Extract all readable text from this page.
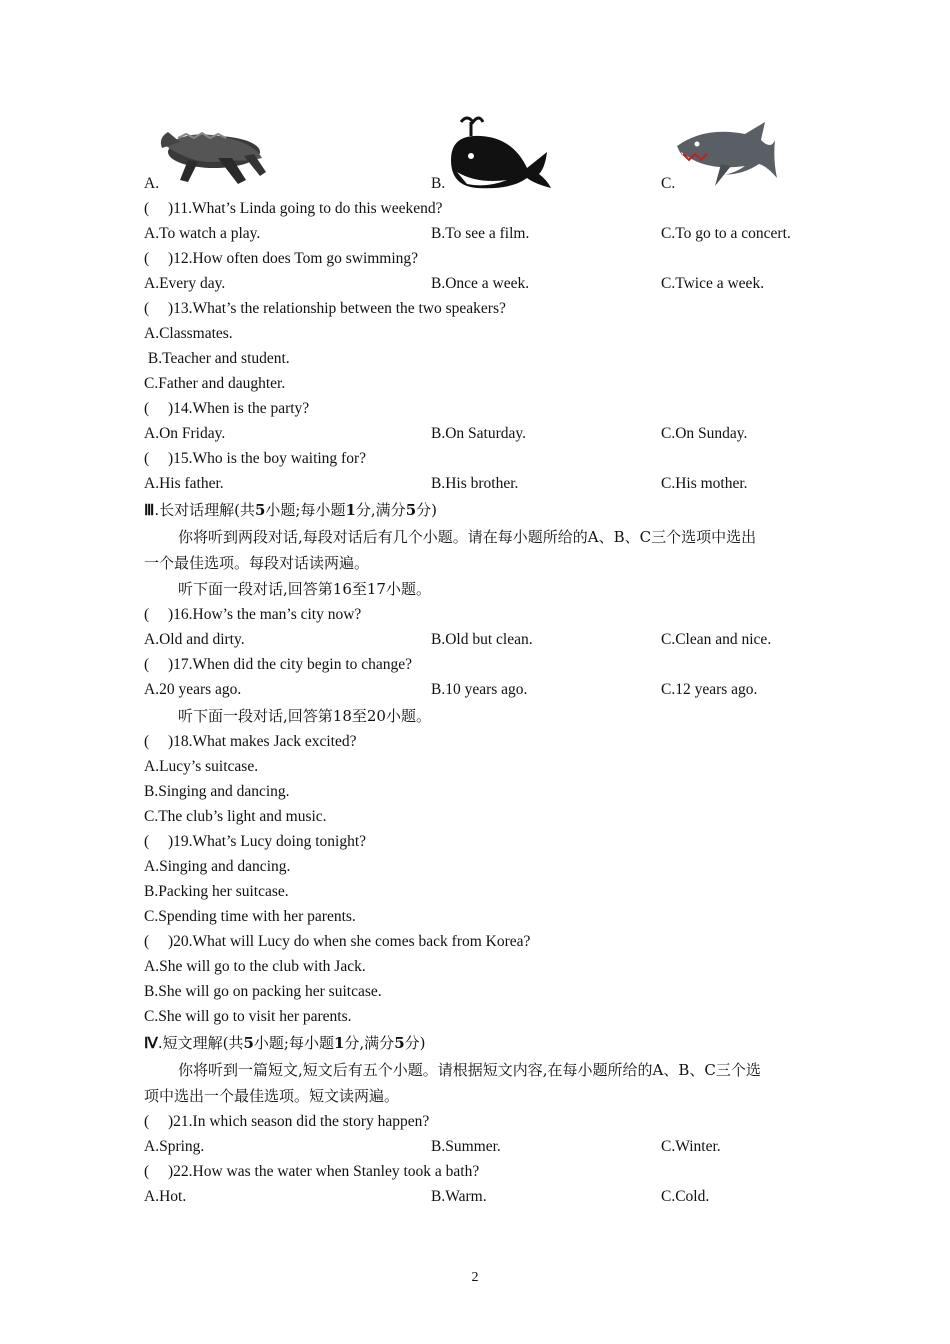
A.	B.	C.
( )11.What’s Linda going to do this weekend?
A.To watch a play.	B.To see a film.	C.To go to a concert.
( )12.How often does Tom go swimming?
A.Every day.	B.Once a week.	C.Twice a week.
( )13.What’s the relationship between the two speakers?
A.Classmates.
B.Teacher and student.
C.Father and daughter.
( )14.When is the party?
A.On Friday.	B.On Saturday.	C.On Sunday.
( )15.Who is the boy waiting for?
A.His father.	B.His brother.	C.His mother.
Ⅲ.长对话理解(共5小题;每小题1分,满分5分)
你将听到两段对话,每段对话后有几个小题。请在每小题所给的A、B、C三个选项中选出
一个最佳选项。每段对话读两遍。
听下面一段对话,回答第16至17小题。
( )16.How’s the man’s city now?
A.Old and dirty.	B.Old but clean.	C.Clean and nice.
( )17.When did the city begin to change?
A.20 years ago.	B.10 years ago.	C.12 years ago.
听下面一段对话,回答第18至20小题。
( )18.What makes Jack excited?
A.Lucy’s suitcase.
B.Singing and dancing.
C.The club’s light and music.
( )19.What’s Lucy doing tonight?
A.Singing and dancing.
B.Packing her suitcase.
C.Spending time with her parents.
( )20.What will Lucy do when she comes back from Korea?
A.She will go to the club with Jack.
B.She will go on packing her suitcase.
C.She will go to visit her parents.
Ⅳ.短文理解(共5小题;每小题1分,满分5分)
你将听到一篇短文,短文后有五个小题。请根据短文内容,在每小题所给的A、B、C三个选
项中选出一个最佳选项。短文读两遍。
( )21.In which season did the story happen?
A.Spring.	B.Summer.	C.Winter.
( )22.How was the water when Stanley took a bath?
A.Hot.	B.Warm.	C.Cold.
2
